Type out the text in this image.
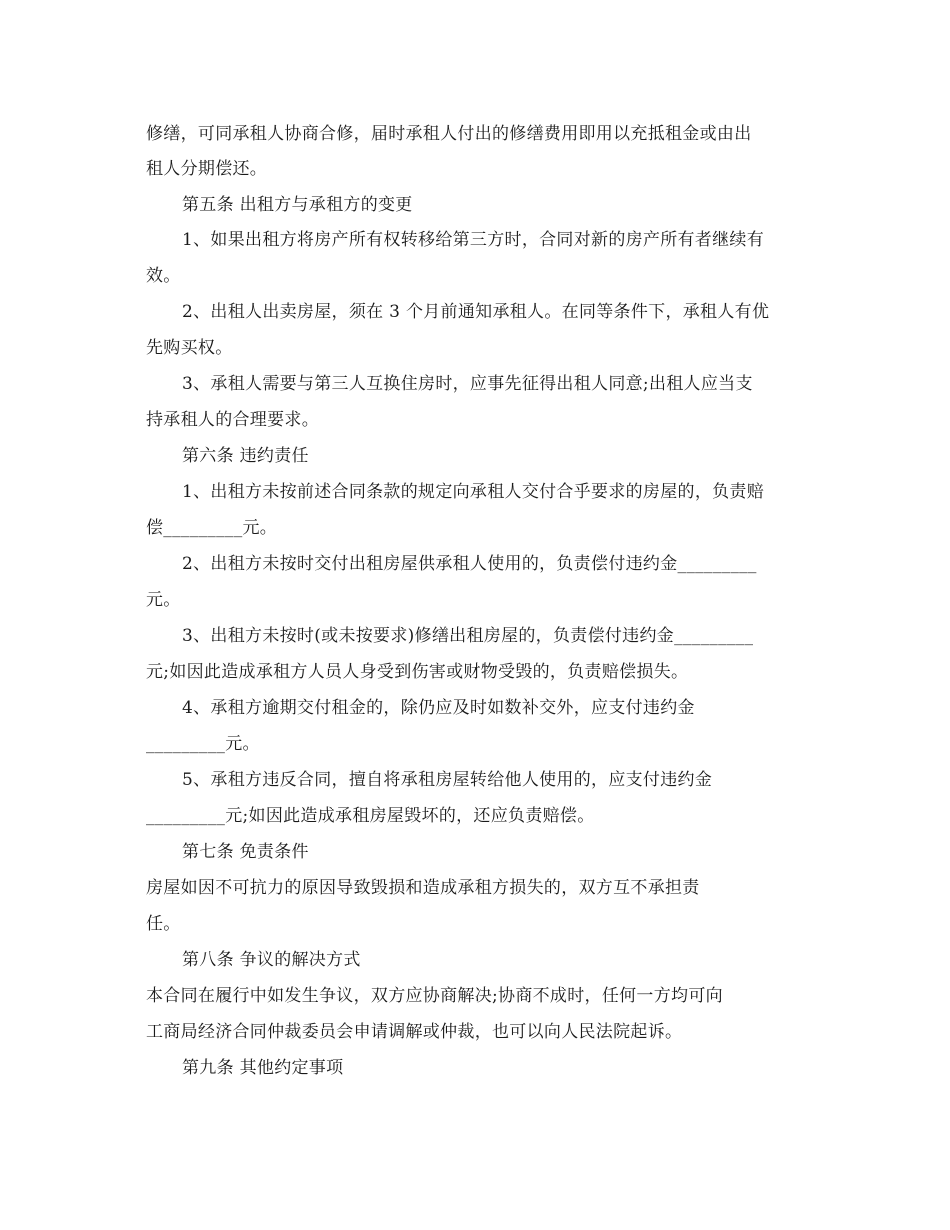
修缮，可同承租人协商合修，届时承租人付出的修缮费用即用以充抵租金或由出

租人分期偿还。

第五条 出租方与承租方的变更

1、如果出租方将房产所有权转移给第三方时，合同对新的房产所有者继续有

效。

2、出租人出卖房屋，须在 3 个月前通知承租人。在同等条件下，承租人有优

先购买权。

3、承租人需要与第三人互换住房时，应事先征得出租人同意;出租人应当支

持承租人的合理要求。

第六条 违约责任

1、出租方未按前述合同条款的规定向承租人交付合乎要求的房屋的，负责赔

偿_________元。

2、出租方未按时交付出租房屋供承租人使用的，负责偿付违约金_________

元。

3、出租方未按时(或未按要求)修缮出租房屋的，负责偿付违约金_________

元;如因此造成承租方人员人身受到伤害或财物受毁的，负责赔偿损失。

4、承租方逾期交付租金的，除仍应及时如数补交外，应支付违约金

_________元。

5、承租方违反合同，擅自将承租房屋转给他人使用的，应支付违约金

_________元;如因此造成承租房屋毁坏的，还应负责赔偿。

第七条 免责条件

房屋如因不可抗力的原因导致毁损和造成承租方损失的，双方互不承担责

任。

第八条 争议的解决方式

本合同在履行中如发生争议，双方应协商解决;协商不成时，任何一方均可向

工商局经济合同仲裁委员会申请调解或仲裁，也可以向人民法院起诉。

第九条 其他约定事项
